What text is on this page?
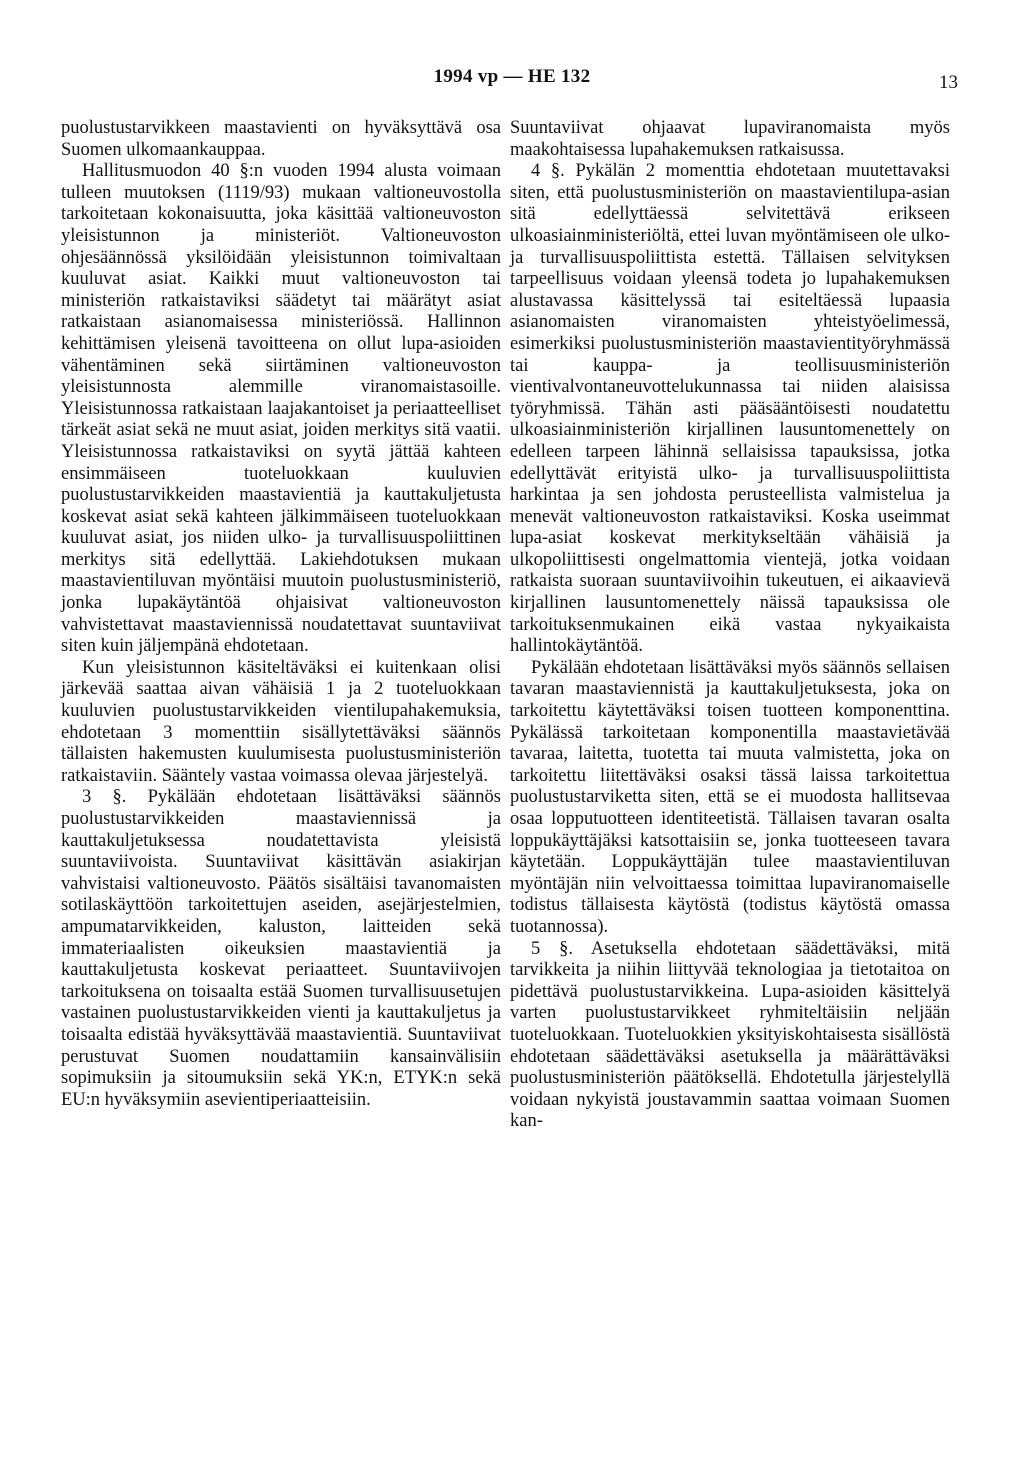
1994 vp — HE 132	13

puolustustarvikkeen maastavienti on hyväksyttävä osa Suomen ulkomaankauppaa.

Hallitusmuodon 40 §:n vuoden 1994 alusta voimaan tulleen muutoksen (1119/93) mukaan valtioneuvostolla tarkoitetaan kokonaisuutta, joka käsittää valtioneuvoston yleisistunnon ja ministeriöt. Valtioneuvoston ohjesäännössä yksilöidään yleisistunnon toimivaltaan kuuluvat asiat. Kaikki muut valtioneuvoston tai ministeriön ratkaistaviksi säädetyt tai määrätyt asiat ratkaistaan asianomaisessa ministeriössä. Hallinnon kehittämisen yleisenä tavoitteena on ollut lupa-asioiden vähentäminen sekä siirtäminen valtioneuvoston yleisistunnosta alemmille viranomaistasoille. Yleisistunnossa ratkaistaan laajakantoiset ja periaatteelliset tärkeät asiat sekä ne muut asiat, joiden merkitys sitä vaatii. Yleisistunnossa ratkaistaviksi on syytä jättää kahteen ensimmäiseen tuoteluokkaan kuuluvien puolustustarvikkeiden maastavientiä ja kauttakuljetusta koskevat asiat sekä kahteen jälkimmäiseen tuoteluokkaan kuuluvat asiat, jos niiden ulko- ja turvallisuuspoliittinen merkitys sitä edellyttää. Lakiehdotuksen mukaan maastavientiluvan myöntäisi muutoin puolustusministeriö, jonka lupakäytäntöä ohjaisivat valtioneuvoston vahvistettavat maastaviennissä noudatettavat suuntaviivat siten kuin jäljempänä ehdotetaan.

Kun yleisistunnon käsiteltäväksi ei kuitenkaan olisi järkevää saattaa aivan vähäisiä 1 ja 2 tuoteluokkaan kuuluvien puolustustarvikkeiden vientilupahakemuksia, ehdotetaan 3 momenttiin sisällytettäväksi säännös tällaisten hakemusten kuulumisesta puolustusministeriön ratkaistaviin. Sääntely vastaa voimassa olevaa järjestelyä.

3 §. Pykälään ehdotetaan lisättäväksi säännös puolustustarvikkeiden maastaviennissä ja kauttakuljetuksessa noudatettavista yleisistä suuntaviivoista. Suuntaviivat käsittävän asiakirjan vahvistaisi valtioneuvosto. Päätös sisältäisi tavanomaisten sotilaskäyttöön tarkoitettujen aseiden, asejärjestelmien, ampumatarvikkeiden, kaluston, laitteiden sekä immateriaalisten oikeuksien maastavientiä ja kauttakuljetusta koskevat periaatteet. Suuntaviivojen tarkoituksena on toisaalta estää Suomen turvallisuusetujen vastainen puolustustarvikkeiden vienti ja kauttakuljetus ja toisaalta edistää hyväksyttävää maastavientiä. Suuntaviivat perustuvat Suomen noudattamiin kansainvälisiin sopimuksiin ja sitoumuksiin sekä YK:n, ETYK:n sekä EU:n hyväksymiin asevientiperiaatteisiin.

Suuntaviivat ohjaavat lupaviranomaista myös maakohtaisessa lupahakemuksen ratkaisussa.

4 §. Pykälän 2 momenttia ehdotetaan muutettavaksi siten, että puolustusministeriön on maastavientilupa-asian sitä edellyttäessä selvitettävä erikseen ulkoasiainministeriöltä, ettei luvan myöntämiseen ole ulko- ja turvallisuuspoliittista estettä. Tällaisen selvityksen tarpeellisuus voidaan yleensä todeta jo lupahakemuksen alustavassa käsittelyssä tai esiteltäessä lupaasia asianomaisten viranomaisten yhteistyöelimessä, esimerkiksi puolustusministeriön maastavientityöryhmässä tai kauppa- ja teollisuusministeriön vientivalvontaneuvottelukunnassa tai niiden alaisissa työryhmissä. Tähän asti pääsääntöisesti noudatettu ulkoasiainministeriön kirjallinen lausuntomenettely on edelleen tarpeen lähinnä sellaisissa tapauksissa, jotka edellyttävät erityistä ulko- ja turvallisuuspoliittista harkintaa ja sen johdosta perusteellista valmistelua ja menevät valtioneuvoston ratkaistaviksi. Koska useimmat lupa-asiat koskevat merkitykseltään vähäisiä ja ulkopoliittisesti ongelmattomia vientejä, jotka voidaan ratkaista suoraan suuntaviivoihin tukeutuen, ei aikaavievä kirjallinen lausuntomenettely näissä tapauksissa ole tarkoituksenmukainen eikä vastaa nykyaikaista hallintokäytäntöä.

Pykälään ehdotetaan lisättäväksi myös säännös sellaisen tavaran maastaviennistä ja kauttakuljetuksesta, joka on tarkoitettu käytettäväksi toisen tuotteen komponenttina. Pykälässä tarkoitetaan komponentilla maastavietävää tavaraa, laitetta, tuotetta tai muuta valmistetta, joka on tarkoitettu liitettäväksi osaksi tässä laissa tarkoitettua puolustustarviketta siten, että se ei muodosta hallitsevaa osaa lopputuotteen identiteetistä. Tällaisen tavaran osalta loppukäyttäjäksi katsottaisiin se, jonka tuotteeseen tavara käytetään. Loppukäyttäjän tulee maastavientiluvan myöntäjän niin velvoittaessa toimittaa lupaviranomaiselle todistus tällaisesta käytöstä (todistus käytöstä omassa tuotannossa).

5 §. Asetuksella ehdotetaan säädettäväksi, mitä tarvikkeita ja niihin liittyvää teknologiaa ja tietotaitoa on pidettävä puolustustarvikkeina. Lupa-asioiden käsittelyä varten puolustustarvikkeet ryhmiteltäisiin neljään tuoteluokkaan. Tuoteluokkien yksityiskohtaisesta sisällöstä ehdotetaan säädettäväksi asetuksella ja määrättäväksi puolustusministeriön päätöksellä. Ehdotetulla järjestelyllä voidaan nykyistä joustavammin saattaa voimaan Suomen kan-
